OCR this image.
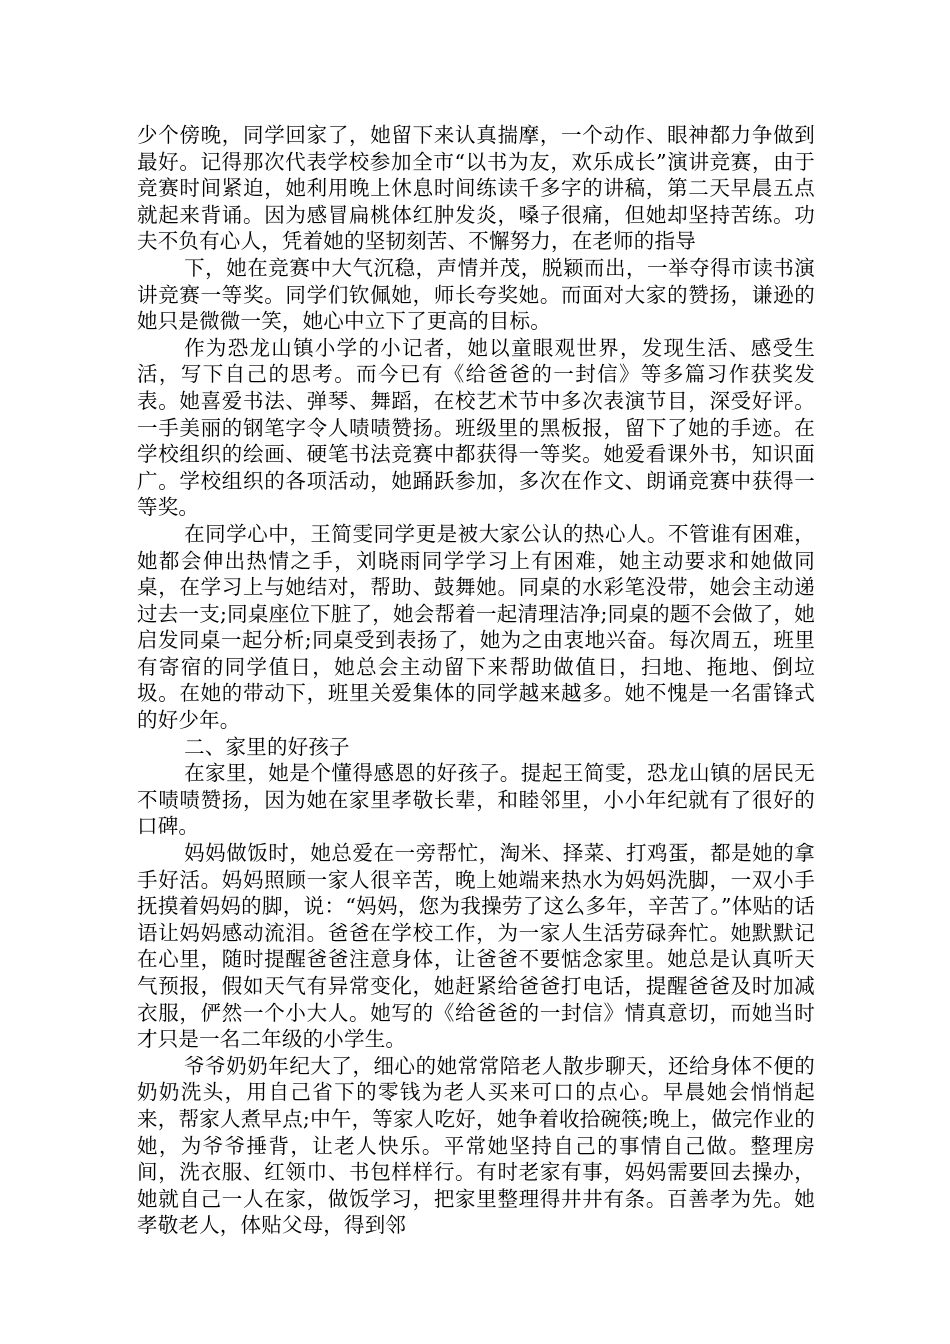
少个傍晚，同学回家了，她留下来认真揣摩，一个动作、眼神都力争做到最好。记得那次代表学校参加全市“以书为友，欢乐成长”演讲竞赛，由于竞赛时间紧迫，她利用晚上休息时间练读千多字的讲稿，第二天早晨五点就起来背诵。因为感冒扁桃体红肿发炎，嗓子很痛，但她却坚持苦练。功夫不负有心人，凭着她的坚韧刻苦、不懈努力，在老师的指导

下，她在竞赛中大气沉稳，声情并茂，脱颖而出，一举夺得市读书演讲竞赛一等奖。同学们钦佩她，师长夸奖她。而面对大家的赞扬，谦逊的她只是微微一笑，她心中立下了更高的目标。

作为恐龙山镇小学的小记者，她以童眼观世界，发现生活、感受生活，写下自己的思考。而今已有《给爸爸的一封信》等多篇习作获奖发表。她喜爱书法、弹琴、舞蹈，在校艺术节中多次表演节目，深受好评。一手美丽的钢笔字令人啧啧赞扬。班级里的黑板报，留下了她的手迹。在学校组织的绘画、硬笔书法竞赛中都获得一等奖。她爱看课外书，知识面广。学校组织的各项活动，她踊跃参加，多次在作文、朗诵竞赛中获得一等奖。

在同学心中，王简雯同学更是被大家公认的热心人。不管谁有困难，她都会伸出热情之手，刘晓雨同学学习上有困难，她主动要求和她做同桌，在学习上与她结对，帮助、鼓舞她。同桌的水彩笔没带，她会主动递过去一支;同桌座位下脏了，她会帮着一起清理洁净;同桌的题不会做了，她启发同桌一起分析;同桌受到表扬了，她为之由衷地兴奋。每次周五，班里有寄宿的同学值日，她总会主动留下来帮助做值日，扫地、拖地、倒垃圾。在她的带动下，班里关爱集体的同学越来越多。她不愧是一名雷锋式的好少年。

二、家里的好孩子

在家里，她是个懂得感恩的好孩子。提起王简雯，恐龙山镇的居民无不啧啧赞扬，因为她在家里孝敬长辈，和睦邻里，小小年纪就有了很好的口碑。

妈妈做饭时，她总爱在一旁帮忙，淘米、择菜、打鸡蛋，都是她的拿手好活。妈妈照顾一家人很辛苦，晚上她端来热水为妈妈洗脚，一双小手抚摸着妈妈的脚，说：“妈妈，您为我操劳了这么多年，辛苦了。”体贴的话语让妈妈感动流泪。爸爸在学校工作，为一家人生活劳碌奔忙。她默默记在心里，随时提醒爸爸注意身体，让爸爸不要惦念家里。她总是认真听天气预报，假如天气有异常变化，她赶紧给爸爸打电话，提醒爸爸及时加减衣服，俨然一个小大人。她写的《给爸爸的一封信》情真意切，而她当时才只是一名二年级的小学生。

爷爷奶奶年纪大了，细心的她常常陪老人散步聊天，还给身体不便的奶奶洗头，用自己省下的零钱为老人买来可口的点心。早晨她会悄悄起来，帮家人煮早点;中午，等家人吃好，她争着收拾碗筷;晚上，做完作业的她，为爷爷捶背，让老人快乐。平常她坚持自己的事情自己做。整理房间，洗衣服、红领巾、书包样样行。有时老家有事，妈妈需要回去操办，她就自己一人在家，做饭学习，把家里整理得井井有条。百善孝为先。她孝敬老人，体贴父母，得到邻
